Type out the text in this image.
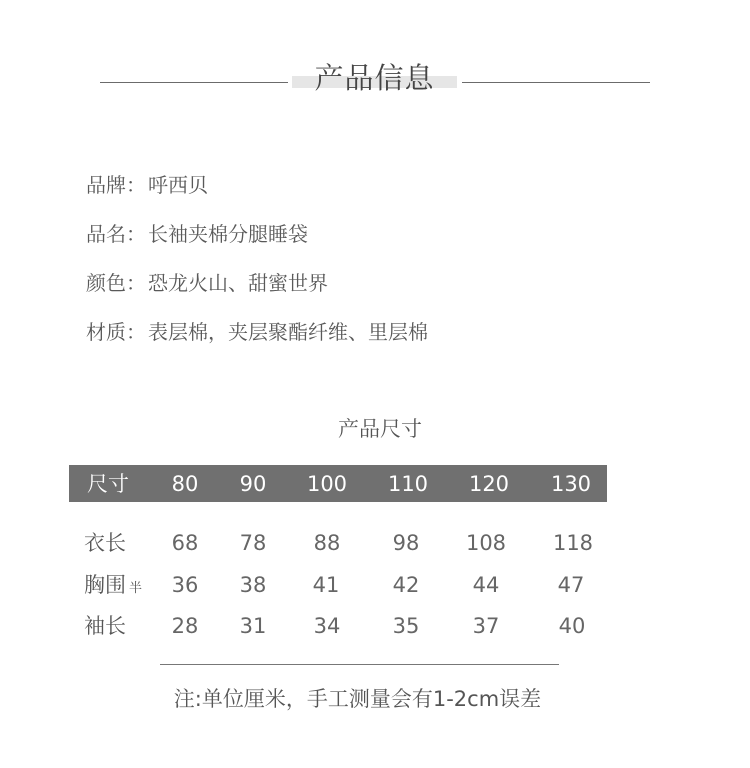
产品信息
品牌： 呼西贝
品名： 长袖夹棉分腿睡袋
颜色： 恐龙火山、甜蜜世界
材质： 表层棉，夹层聚酯纤维、里层棉
产品尺寸
尺寸 80 90 100 110 120 130
衣长 68 78 88 98 108 118
胸围 半 36 38 41	42	44	47
袖长 28 31 34 35	37	40
注:单位厘米，手工测量会有1-2cm误差
